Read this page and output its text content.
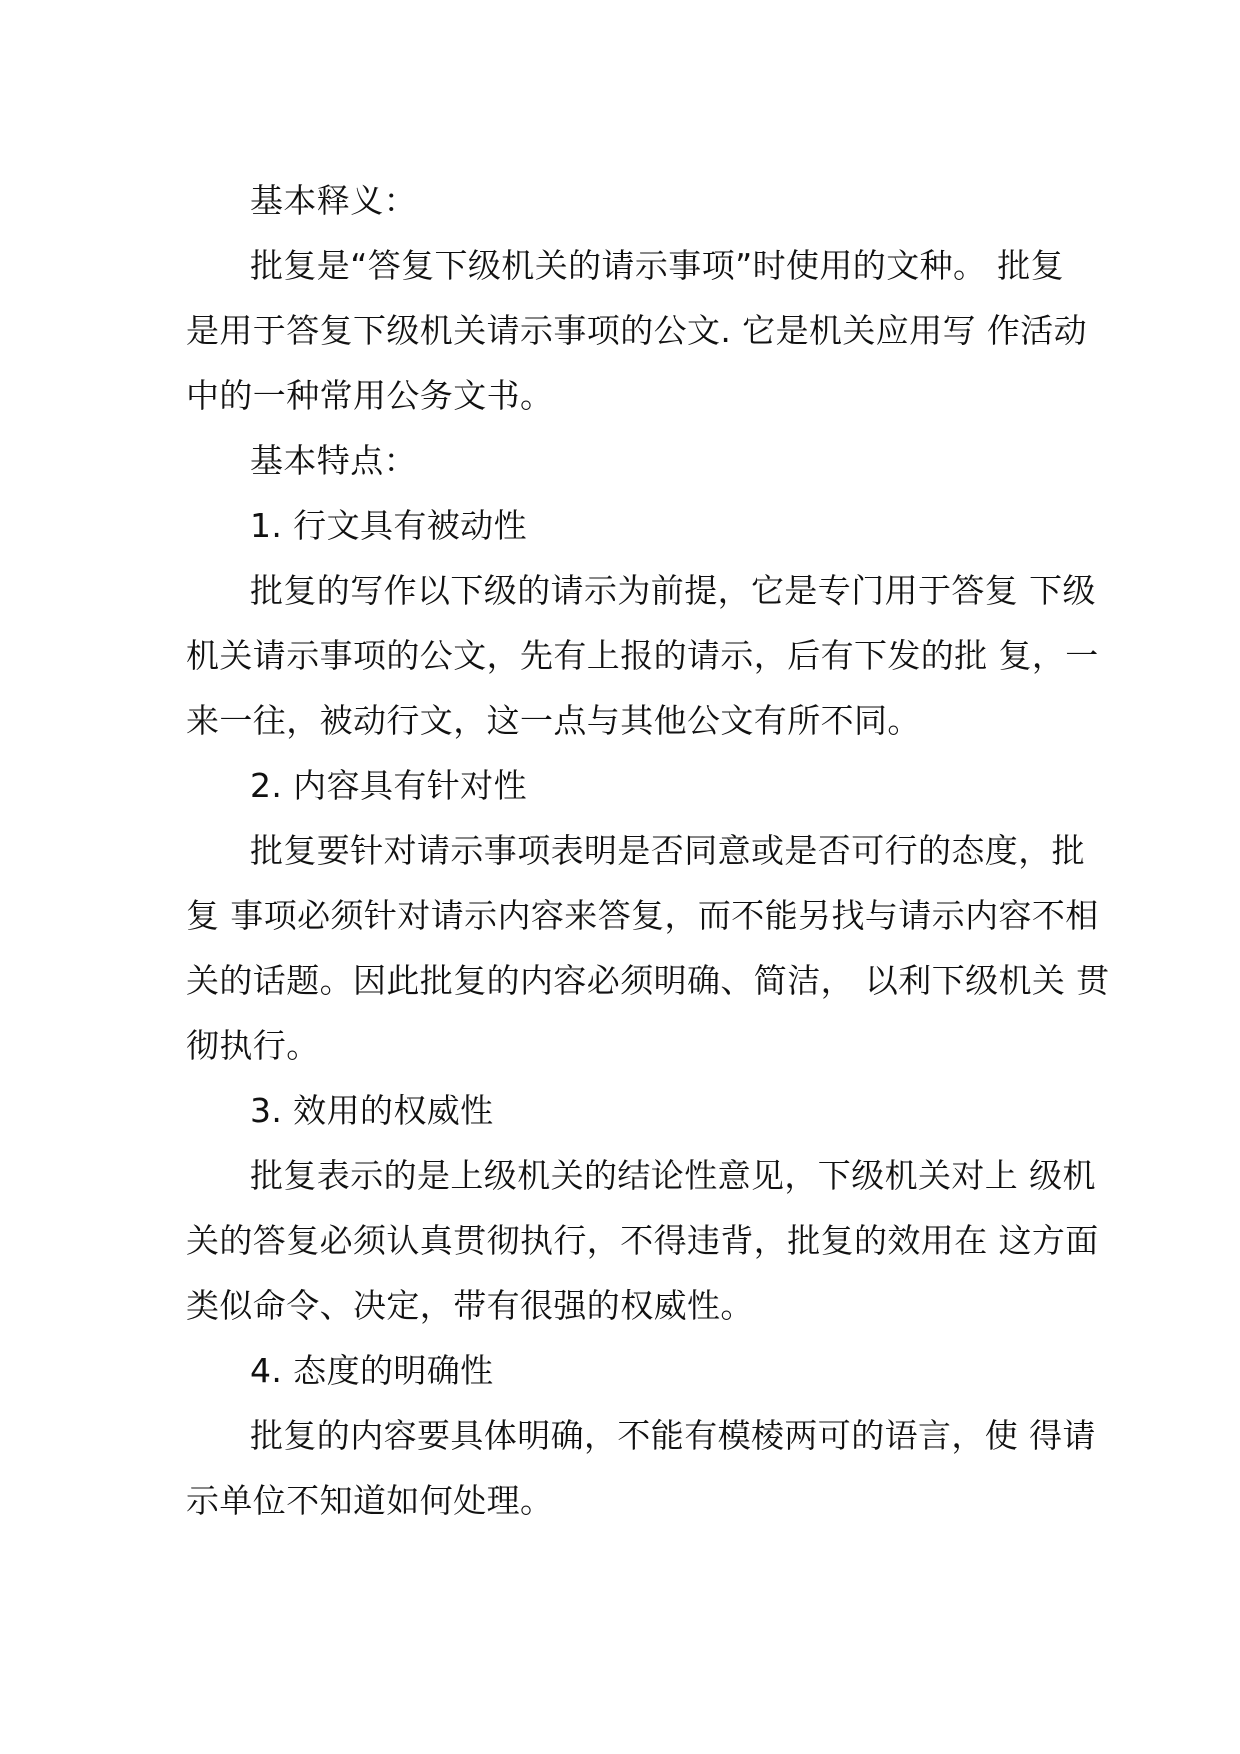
基本释义：
批复是“答复下级机关的请示事项”时使用的文种。 批复
是用于答复下级机关请示事项的公文. 它是机关应用写 作活动
中的一种常用公务文书。
基本特点：
1. 行文具有被动性
批复的写作以下级的请示为前提，它是专门用于答复 下级
机关请示事项的公文，先有上报的请示，后有下发的批 复，一
来一往，被动行文，这一点与其他公文有所不同。
2. 内容具有针对性
批复要针对请示事项表明是否同意或是否可行的态度，批
复 事项必须针对请示内容来答复，而不能另找与请示内容不相
关的话题。因此批复的内容必须明确、简洁， 以利下级机关 贯
彻执行。
3. 效用的权威性
批复表示的是上级机关的结论性意见，下级机关对上 级机
关的答复必须认真贯彻执行，不得违背，批复的效用在 这方面
类似命令、决定，带有很强的权威性。
4. 态度的明确性
批复的内容要具体明确，不能有模棱两可的语言，使 得请
示单位不知道如何处理。
